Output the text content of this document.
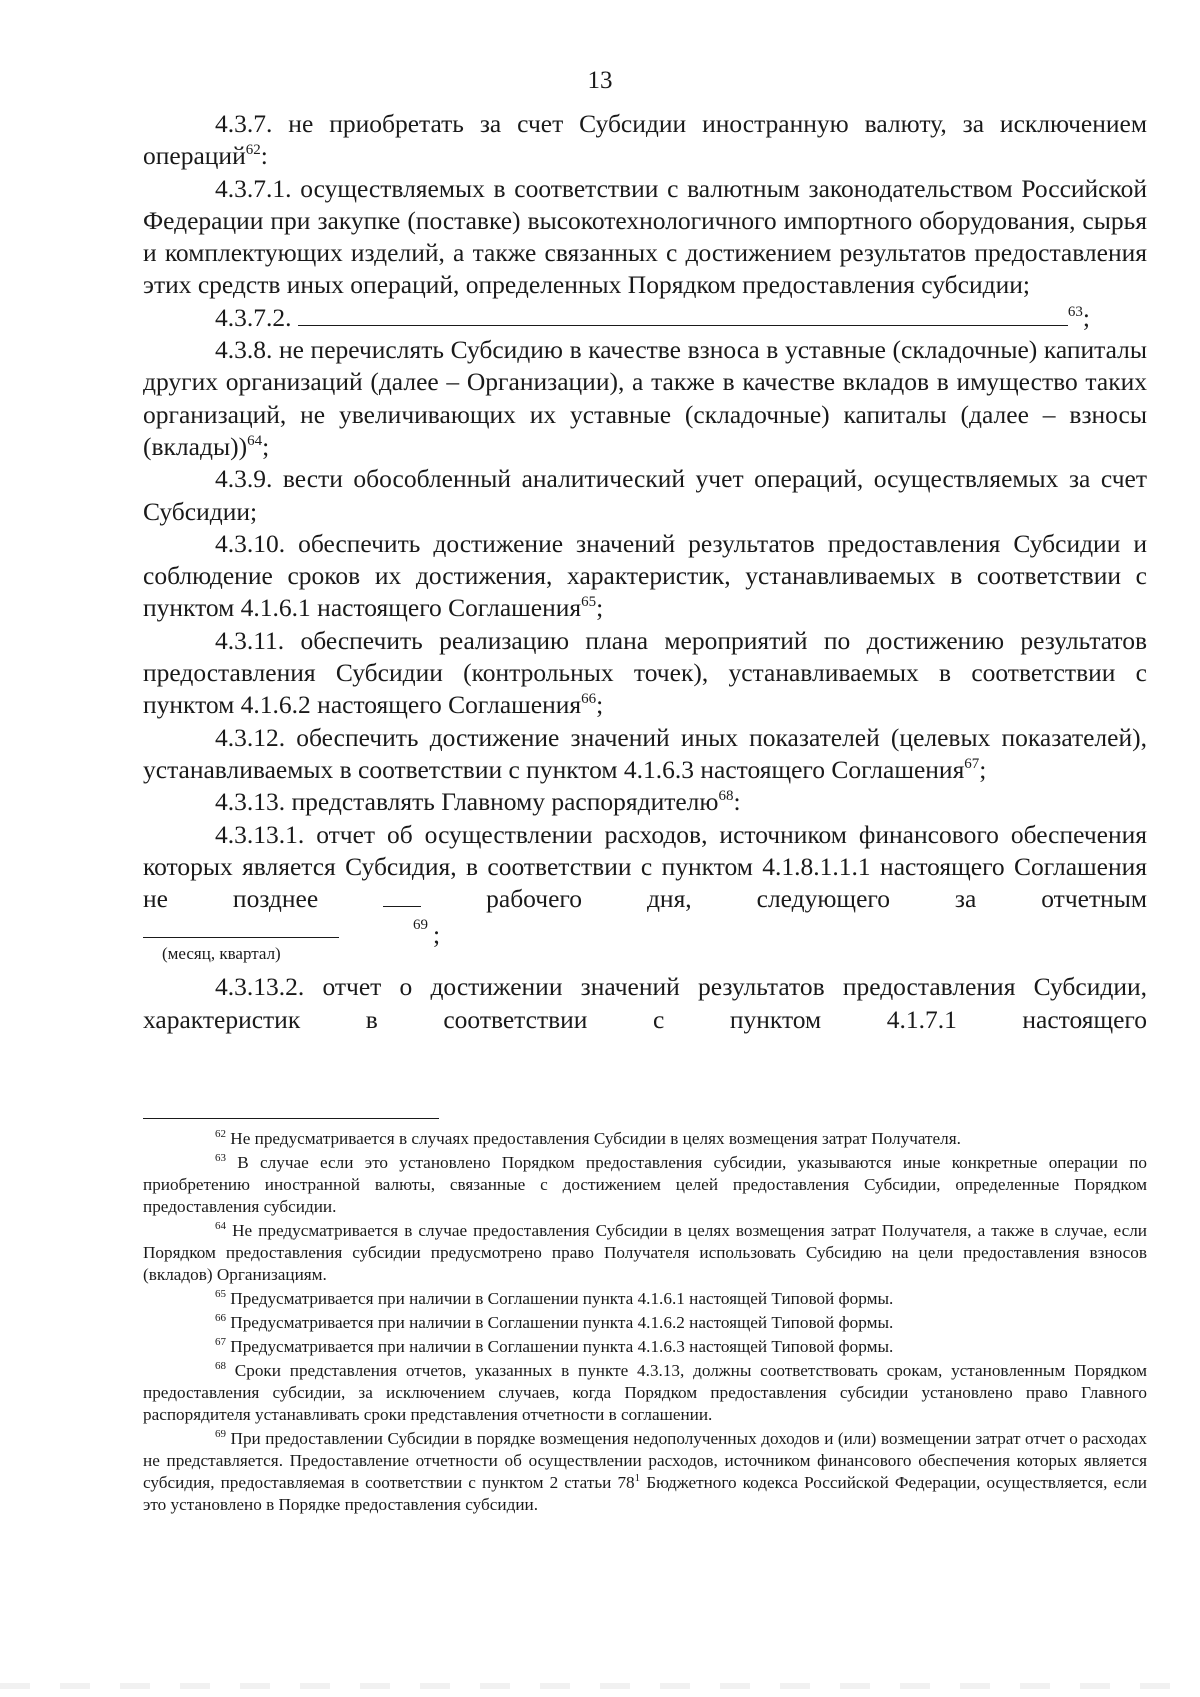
13

4.3.7. не приобретать за счет Субсидии иностранную валюту, за исключением операций$^{62}$:

4.3.7.1. осуществляемых в соответствии с валютным законодательством Российской Федерации при закупке (поставке) высокотехнологичного импортного оборудования, сырья и комплектующих изделий, а также связанных с достижением результатов предоставления этих средств иных операций, определенных Порядком предоставления субсидии;

4.3.7.2.	$^{63}$;

4.3.8. не перечислять Субсидию в качестве взноса в уставные (складочные) капиталы других организаций (далее – Организации), а также в качестве вкладов в имущество таких организаций, не увеличивающих их уставные (складочные) капиталы (далее – взносы (вклады))$^{64}$;

4.3.9. вести обособленный аналитический учет операций, осуществляемых за счет Субсидии;

4.3.10. обеспечить достижение значений результатов предоставления Субсидии и соблюдение сроков их достижения, характеристик, устанавливаемых в соответствии с пунктом 4.1.6.1 настоящего Соглашения$^{65}$;

4.3.11. обеспечить реализацию плана мероприятий по достижению результатов предоставления Субсидии (контрольных точек), устанавливаемых в соответствии с пунктом 4.1.6.2 настоящего Соглашения$^{66}$;

4.3.12. обеспечить достижение значений иных показателей (целевых показателей), устанавливаемых в соответствии с пунктом 4.1.6.3 настоящего Соглашения$^{67}$;

4.3.13. представлять Главному распорядителю$^{68}$:

4.3.13.1. отчет об осуществлении расходов, источником финансового обеспечения которых является Субсидия, в соответствии с пунктом 4.1.8.1.1.1 настоящего Соглашения не позднее	рабочего дня, следующего за отчетным

69 ;

(месяц, квартал)

4.3.13.2. отчет о достижении значений результатов предоставления Субсидии, характеристик в соответствии с пунктом 4.1.7.1 настоящего

$^{62}$ Не предусматривается в случаях предоставления Субсидии в целях возмещения затрат Получателя.

$^{63}$ В случае если это установлено Порядком предоставления субсидии, указываются иные конкретные операции по приобретению иностранной валюты, связанные с достижением целей предоставления Субсидии, определенные Порядком предоставления субсидии.

$^{64}$ Не предусматривается в случае предоставления Субсидии в целях возмещения затрат Получателя, а также в случае, если Порядком предоставления субсидии предусмотрено право Получателя использовать Субсидию на цели предоставления взносов (вкладов) Организациям.

$^{65}$ Предусматривается при наличии в Соглашении пункта 4.1.6.1 настоящей Типовой формы.

$^{66}$ Предусматривается при наличии в Соглашении пункта 4.1.6.2 настоящей Типовой формы.

$^{67}$ Предусматривается при наличии в Соглашении пункта 4.1.6.3 настоящей Типовой формы.

$^{68}$ Сроки представления отчетов, указанных в пункте 4.3.13, должны соответствовать срокам, установленным Порядком предоставления субсидии, за исключением случаев, когда Порядком предоставления субсидии установлено право Главного распорядителя устанавливать сроки представления отчетности в соглашении.

$^{69}$ При предоставлении Субсидии в порядке возмещения недополученных доходов и (или) возмещении затрат отчет о расходах не представляется. Предоставление отчетности об осуществлении расходов, источником финансового обеспечения которых является субсидия, предоставляемая в соответствии с пунктом 2 статьи $78^1$ Бюджетного кодекса Российской Федерации, осуществляется, если это установлено в Порядке предоставления субсидии.
